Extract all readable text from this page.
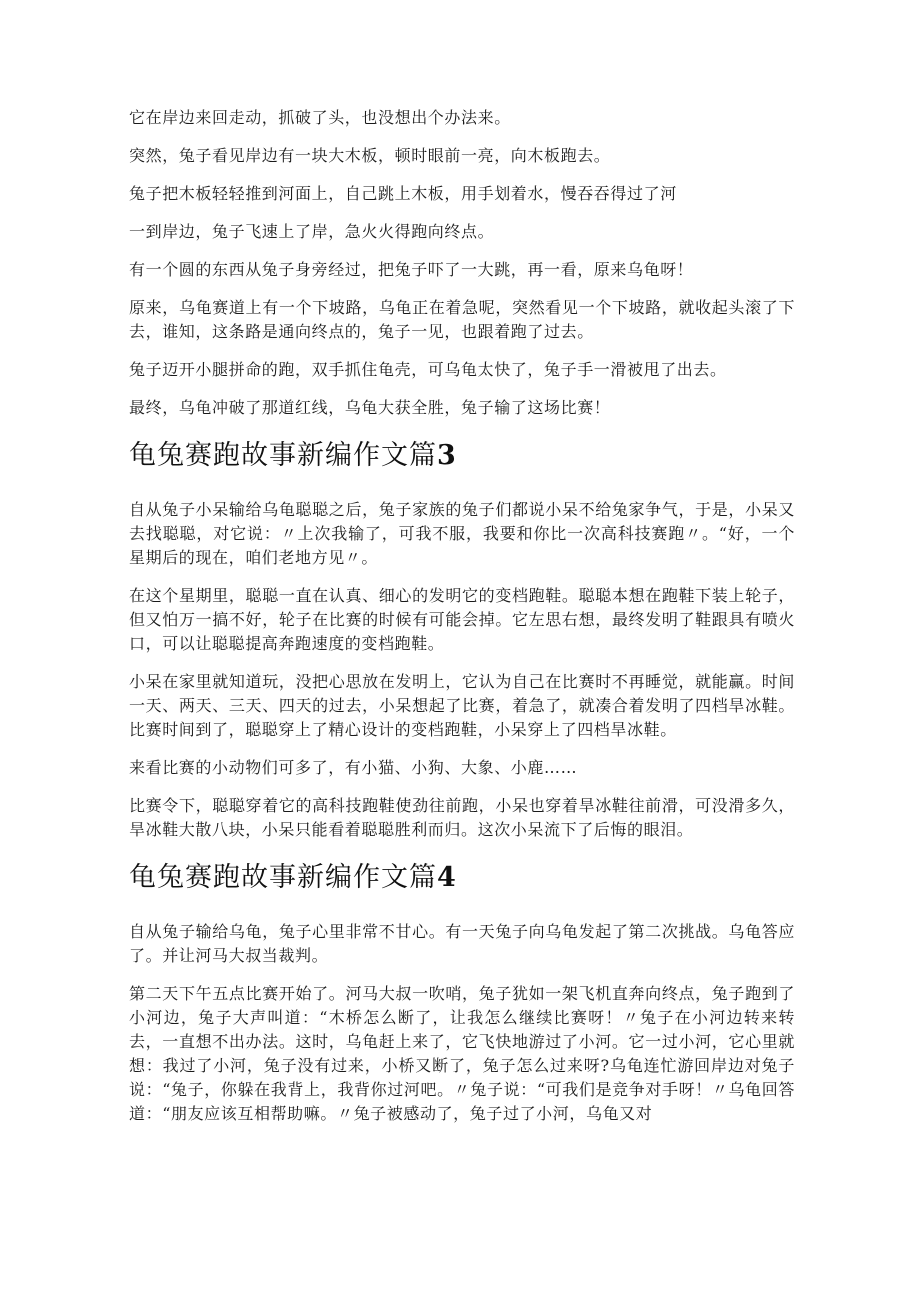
它在岸边来回走动，抓破了头，也没想出个办法来。

突然，兔子看见岸边有一块大木板，顿时眼前一亮，向木板跑去。

兔子把木板轻轻推到河面上，自己跳上木板，用手划着水，慢吞吞得过了河

一到岸边，兔子飞速上了岸，急火火得跑向终点。

有一个圆的东西从兔子身旁经过，把兔子吓了一大跳，再一看，原来乌龟呀！

原来，乌龟赛道上有一个下坡路，乌龟正在着急呢，突然看见一个下坡路，就收起头滚了下去，谁知，这条路是通向终点的，兔子一见，也跟着跑了过去。

兔子迈开小腿拼命的跑，双手抓住龟壳，可乌龟太快了，兔子手一滑被甩了出去。

最终，乌龟冲破了那道红线，乌龟大获全胜，兔子输了这场比赛！

龟兔赛跑故事新编作文篇3

自从兔子小呆输给乌龟聪聪之后，兔子家族的兔子们都说小呆不给兔家争气，于是，小呆又去找聪聪，对它说：〃上次我输了，可我不服，我要和你比一次高科技赛跑〃。“好，一个星期后的现在，咱们老地方见〃。

在这个星期里，聪聪一直在认真、细心的发明它的变档跑鞋。聪聪本想在跑鞋下装上轮子，但又怕万一搞不好，轮子在比赛的时候有可能会掉。它左思右想，最终发明了鞋跟具有喷火口，可以让聪聪提高奔跑速度的变档跑鞋。

小呆在家里就知道玩，没把心思放在发明上，它认为自己在比赛时不再睡觉，就能赢。时间一天、两天、三天、四天的过去，小呆想起了比赛，着急了，就凑合着发明了四档旱冰鞋。比赛时间到了，聪聪穿上了精心设计的变档跑鞋，小呆穿上了四档旱冰鞋。

来看比赛的小动物们可多了，有小猫、小狗、大象、小鹿……

比赛令下，聪聪穿着它的高科技跑鞋使劲往前跑，小呆也穿着旱冰鞋往前滑，可没滑多久，旱冰鞋大散八块，小呆只能看着聪聪胜利而归。这次小呆流下了后悔的眼泪。

龟兔赛跑故事新编作文篇4

自从兔子输给乌龟，兔子心里非常不甘心。有一天兔子向乌龟发起了第二次挑战。乌龟答应了。并让河马大叔当裁判。

第二天下午五点比赛开始了。河马大叔一吹哨，兔子犹如一架飞机直奔向终点，兔子跑到了小河边，兔子大声叫道：“木桥怎么断了，让我怎么继续比赛呀！〃兔子在小河边转来转去，一直想不出办法。这时，乌龟赶上来了，它飞快地游过了小河。它一过小河，它心里就想：我过了小河，兔子没有过来，小桥又断了，兔子怎么过来呀?乌龟连忙游回岸边对兔子说：“兔子，你躲在我背上，我背你过河吧。〃兔子说：“可我们是竞争对手呀！〃乌龟回答道：“朋友应该互相帮助嘛。〃兔子被感动了，兔子过了小河，乌龟又对
